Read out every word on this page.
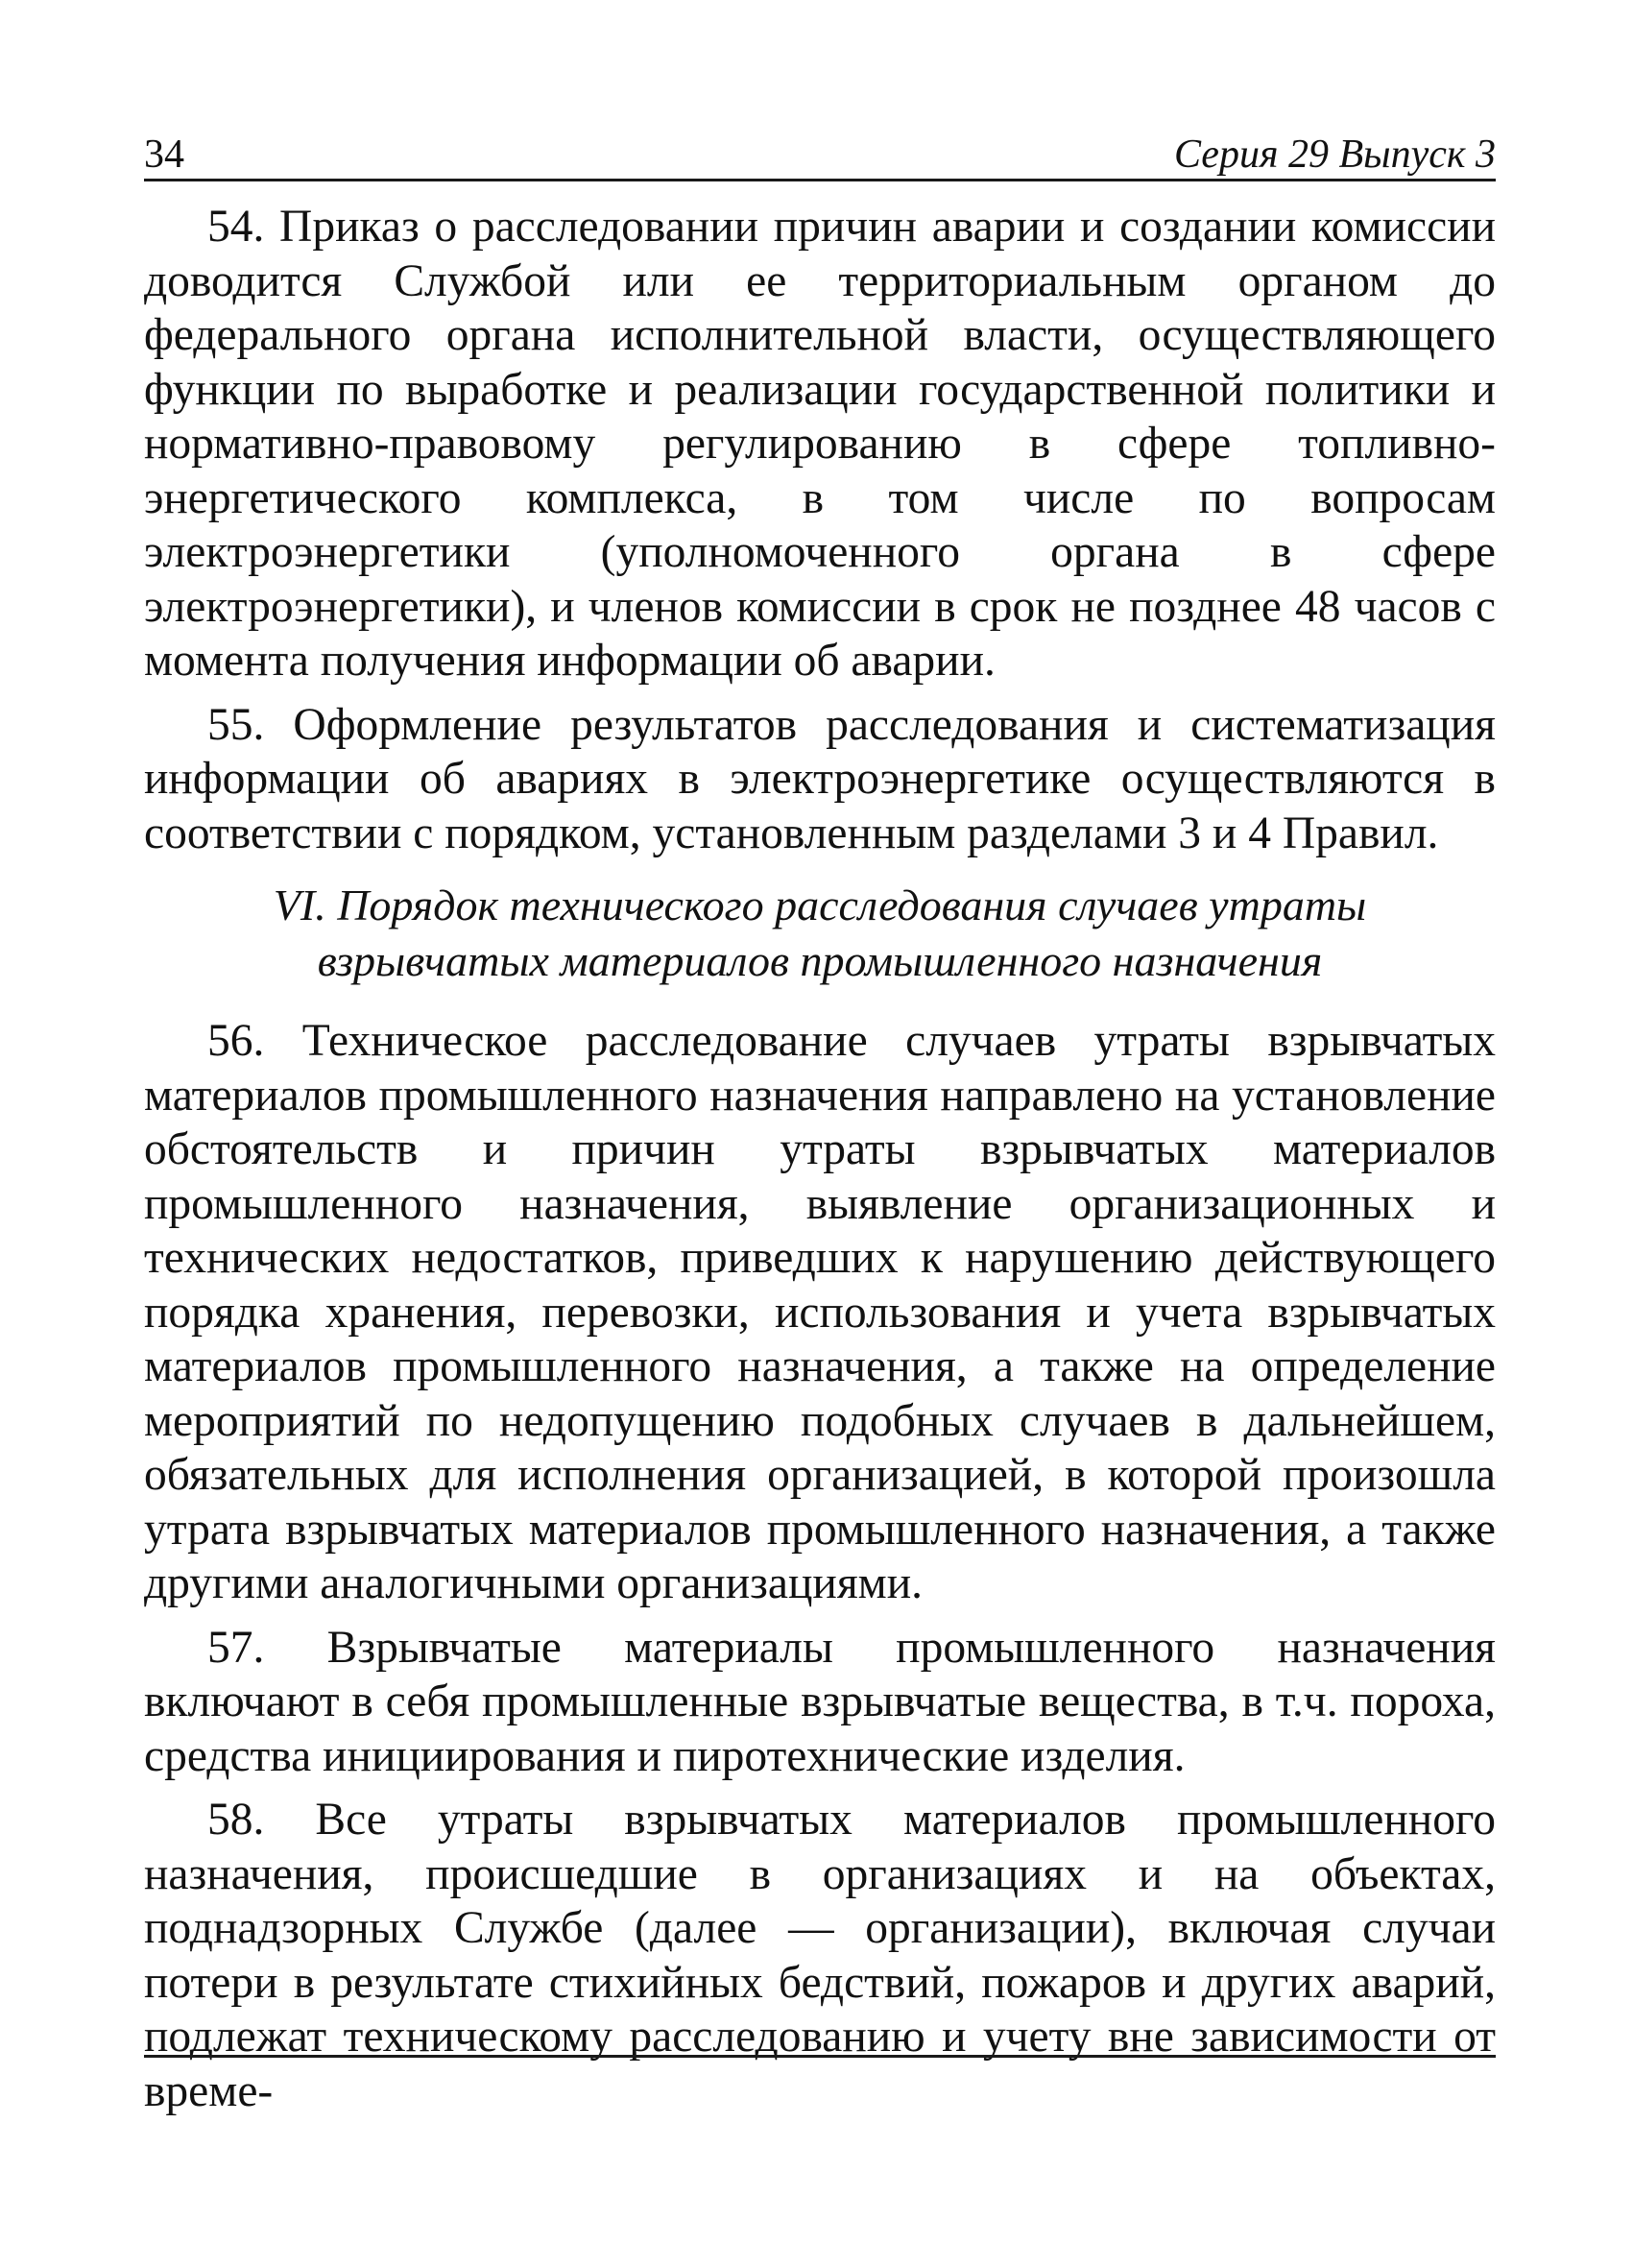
34	Серия 29 Выпуск 3

54. Приказ о расследовании причин аварии и создании комиссии доводится Службой или ее территориальным органом до федерального органа исполнительной власти, осуществляющего функции по выработке и реализации государственной политики и нормативно-правовому регулированию в сфере топливно-энергетического комплекса, в том числе по вопросам электроэнергетики (уполномоченного органа в сфере электроэнергетики), и членов комиссии в срок не позднее 48 часов с момента получения информации об аварии.

55. Оформление результатов расследования и систематизация информации об авариях в электроэнергетике осуществляются в соответствии с порядком, установленным разделами 3 и 4 Правил.

VI. Порядок технического расследования случаев утраты
взрывчатых материалов промышленного назначения

56. Техническое расследование случаев утраты взрывчатых материалов промышленного назначения направлено на установление обстоятельств и причин утраты взрывчатых материалов промышленного назначения, выявление организационных и технических недостатков, приведших к нарушению действующего порядка хранения, перевозки, использования и учета взрывчатых материалов промышленного назначения, а также на определение мероприятий по недопущению подобных случаев в дальнейшем, обязательных для исполнения организацией, в которой произошла утрата взрывчатых материалов промышленного назначения, а также другими аналогичными организациями.

57. Взрывчатые материалы промышленного назначения включают в себя промышленные взрывчатые вещества, в т.ч. пороха, средства инициирования и пиротехнические изделия.

58. Все утраты взрывчатых материалов промышленного назначения, происшедшие в организациях и на объектах, поднадзорных Службе (далее — организации), включая случаи потери в результате стихийных бедствий, пожаров и других аварий, подлежат техническому расследованию и учету вне зависимости от време-
